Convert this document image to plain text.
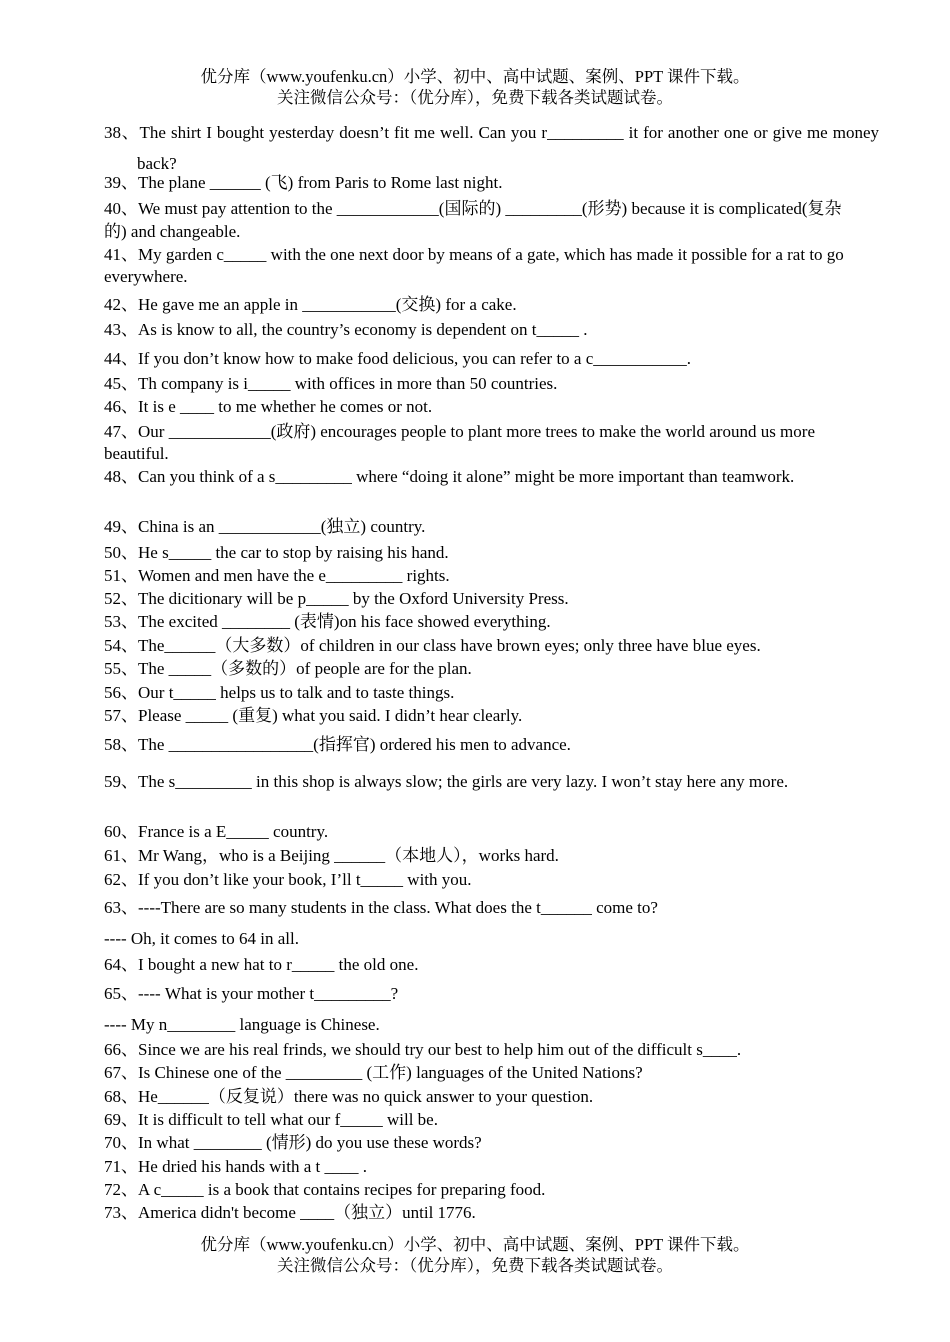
优分库（www.youfenku.cn）小学、初中、高中试题、案例、PPT 课件下载。
关注微信公众号：（优分库），免费下载各类试题试卷。
38、The shirt I bought yesterday doesn’t fit me well. Can you r_________ it for another one or give me money back?
39、The plane ______ (飞) from Paris to Rome last night.
40、We must pay attention to the ____________(国际的) _________(形势) because it is complicated(复杂的) and changeable.
41、My garden c_____ with the one next door by means of a gate, which has made it possible for a rat to go everywhere.
42、He gave me an apple in ___________(交换) for a cake.
43、As is know to all, the country’s economy is dependent on t_____ .
44、If you don’t know how to make food delicious, you can refer to a c___________.
45、Th company is i_____ with offices in more than 50 countries.
46、It is e ____ to me whether he comes or not.
47、Our ____________(政府) encourages people to plant more trees to make the world around us more beautiful.
48、Can you think of a s_________ where “doing it alone” might be more important than teamwork.
49、China is an ____________(独立) country.
50、He s_____ the car to stop by raising his hand.
51、Women and men have the e_________ rights.
52、The dicitionary will be p_____ by the Oxford University Press.
53、The excited ________ (表情)on his face showed everything.
54、The______（大多数）of children in our class have brown eyes; only three have blue eyes.
55、The _____（多数的）of people are for the plan.
56、Our t_____ helps us to talk and to taste things.
57、Please _____ (重复) what you said. I didn’t hear clearly.
58、The _________________(指挥官) ordered his men to advance.
59、The s_________ in this shop is always slow; the girls are very lazy. I won’t stay here any more.
60、France is a E_____ country.
61、Mr Wang，who is a Beijing ______（本地人），works hard.
62、If you don’t like your book, I’ll t_____ with you.
63、----There are so many students in the class. What does the t______ come to?
---- Oh, it comes to 64 in all.
64、I bought a new hat to r_____ the old one.
65、---- What is your mother t_________?
---- My n________ language is Chinese.
66、Since we are his real frinds, we should try our best to help him out of the difficult s____.
67、Is Chinese one of the _________ (工作) languages of the United Nations?
68、He______（反复说）there was no quick answer to your question.
69、It is difficult to tell what our f_____ will be.
70、In what ________ (情形) do you use these words?
71、He dried his hands with a t ____ .
72、A c_____ is a book that contains recipes for preparing food.
73、America didn't become ____（独立）until 1776.
优分库（www.youfenku.cn）小学、初中、高中试题、案例、PPT 课件下载。
关注微信公众号：（优分库），免费下载各类试题试卷。
